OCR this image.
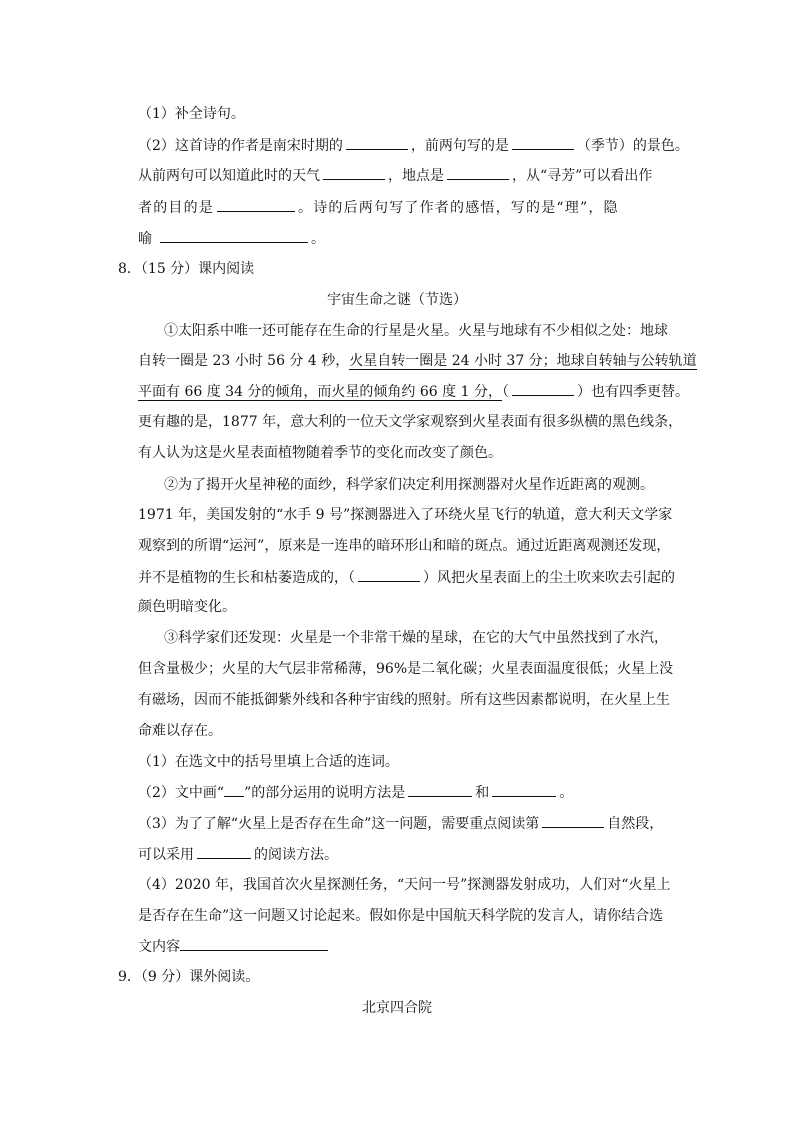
（1）补全诗句。
（2）这首诗的作者是南宋时期的	，前两句写的是	（季节）的景色。
从前两句可以知道此时的天气	，地点是	，从“寻芳”可以看出作
者的目的是	。诗的后两句写了作者的感悟，写的是“理”，隐
喻	。
8．（15 分）课内阅读
宇宙生命之谜（节选）
①太阳系中唯一还可能存在生命的行星是火星。火星与地球有不少相似之处：地球
自转一圈是 23 小时 56 分 4 秒，火星自转一圈是 24 小时 37 分；地球自转轴与公转轨道
平面有 66 度 34 分的倾角，而火星的倾角约 66 度 1 分，（	）也有四季更替。
更有趣的是，1877 年，意大利的一位天文学家观察到火星表面有很多纵横的黑色线条，
有人认为这是火星表面植物随着季节的变化而改变了颜色。
②为了揭开火星神秘的面纱，科学家们决定利用探测器对火星作近距离的观测。
1971 年，美国发射的“水手 9 号”探测器进入了环绕火星飞行的轨道，意大利天文学家
观察到的所谓“运河”，原来是一连串的暗环形山和暗的斑点。通过近距离观测还发现，
并不是植物的生长和枯萎造成的，（	）风把火星表面上的尘土吹来吹去引起的
颜色明暗变化。
③科学家们还发现：火星是一个非常干燥的星球，在它的大气中虽然找到了水汽，
但含量极少；火星的大气层非常稀薄，96%是二氧化碳；火星表面温度很低；火星上没
有磁场，因而不能抵御紫外线和各种宇宙线的照射。所有这些因素都说明，在火星上生
命难以存在。
（1）在选文中的括号里填上合适的连词。
（2）文中画“ ”的部分运用的说明方法是	和	。
（3）为了了解“火星上是否存在生命”这一问题，需要重点阅读第	自然段，
可以采用	的阅读方法。
（4）2020 年，我国首次火星探测任务，“天问一号”探测器发射成功，人们对“火星上
是否存在生命”这一问题又讨论起来。假如你是中国航天科学院的发言人，请你结合选
文内容
9．（9 分）课外阅读。
北京四合院
